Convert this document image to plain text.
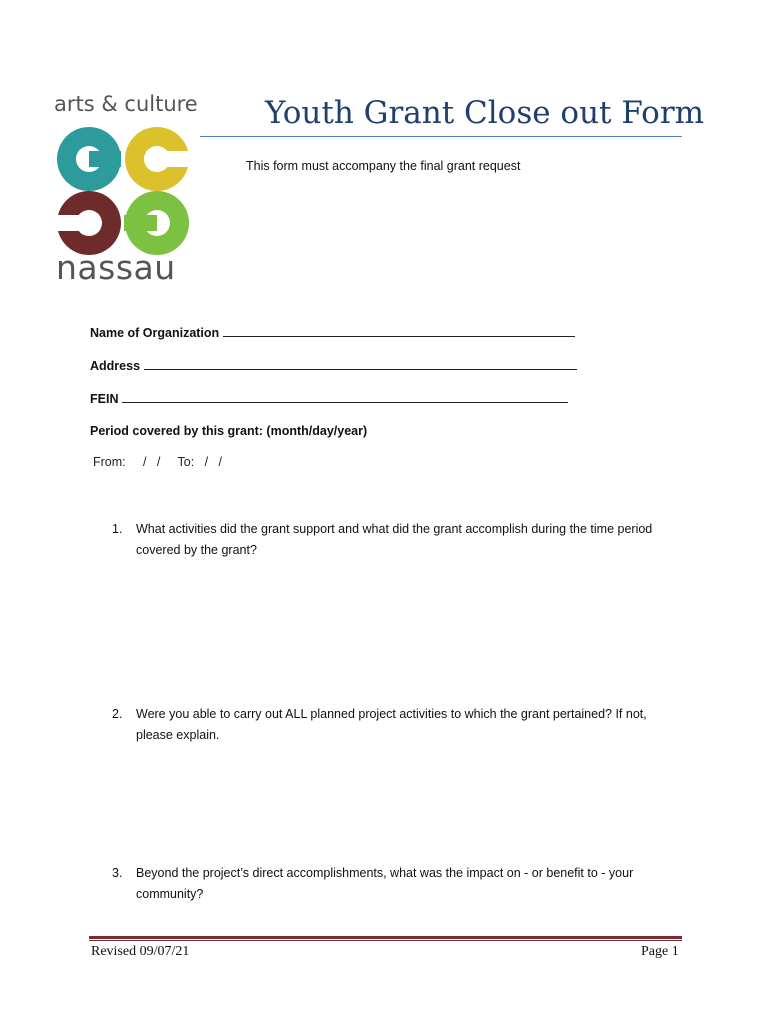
arts & culture
nassau
Youth Grant Close out Form
This form must accompany the final grant request
Name of Organization
Address
FEIN
Period covered by this grant: (month/day/year)
From: /   / To: /   /
1. What activities did the grant support and what did the grant accomplish during the time period covered by the grant?
2. Were you able to carry out ALL planned project activities to which the grant pertained? If not, please explain.
3. Beyond the project’s direct accomplishments, what was the impact on - or benefit to - your community?
Revised 09/07/21	Page 1
